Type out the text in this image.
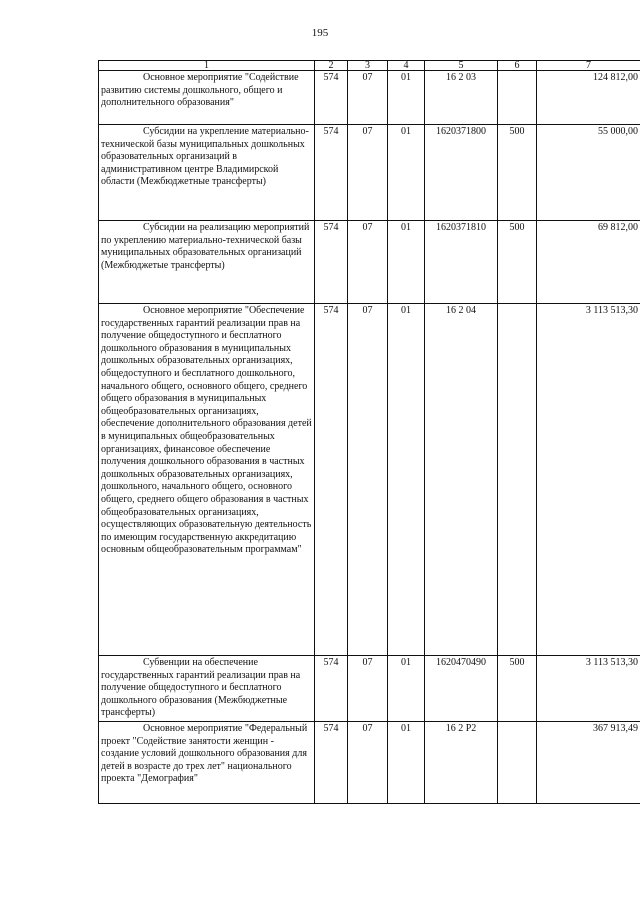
195
1	2	3	4	5	6	7
Основное мероприятие "Содействие развитию системы дошкольного, общего и дополнительного образования"	574	07	01	16 2 03		124 812,00
Субсидии на укрепление материально-технической базы муниципальных дошкольных образовательных организаций в административном центре Владимирской области (Межбюджетные трансферты)	574	07	01	1620371800	500	55 000,00
Субсидии на реализацию мероприятий по укреплению материально-технической базы муниципальных образовательных организаций (Межбюджетые трансферты)	574	07	01	1620371810	500	69 812,00
Основное мероприятие "Обеспечение государственных гарантий реализации прав на получение общедоступного и бесплатного дошкольного образования в муниципальных дошкольных образовательных организациях, общедоступного и бесплатного дошкольного, начального общего, основного общего, среднего общего образования в муниципальных общеобразовательных организациях, обеспечение дополнительного образования детей в муниципальных общеобразовательных организациях, финансовое обеспечение получения дошкольного образования в частных дошкольных образовательных организациях, дошкольного, начального общего, основного общего, среднего общего образования в частных общеобразовательных организациях, осуществляющих образовательную деятельность по имеющим государственную аккредитацию основным общеобразовательным программам"	574	07	01	16 2 04		3 113 513,30
Субвенции на обеспечение государственных гарантий реализации прав на получение общедоступного и бесплатного дошкольного образования (Межбюджетные трансферты)	574	07	01	1620470490	500	3 113 513,30
Основное мероприятие "Федеральный проект "Содействие занятости женщин - создание условий дошкольного образования для детей в возрасте до трех лет" национального проекта "Демография"	574	07	01	16 2 P2		367 913,49
